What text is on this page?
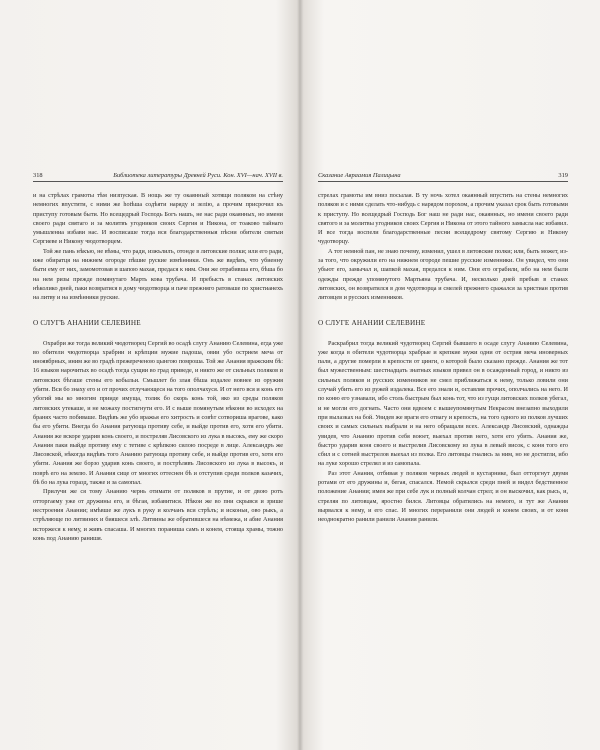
318	Библиотека литературы Древней Руси. Кон. XVI—нач. XVII в.

и на стрѣлах грамоты тѣм низпуская. В нощь же ту окаянный хотящи поляком на стѣну немногих впустити, с ними же hotѣша содѣяти наряду и зелію, а прочим присрочил къ приступу готовым быти. Но всещедрый Господь Богъ нашъ, не нас ради окаянных, но имени своего ради святаго и за молитвъ угодников своих Сергия и Никона, от тоаково тайнаго умышлениа избави нас. И восписаше тогда вся благодарственныя пѣсни обители святыи Сергиеве и Никону чюдотворцем.

Той же пань нѣкъю, не вѣмы, что ради, изжълилъ, отонде в литовские полки; или его ради, иже обиратця на нижнем огороде пѣшие руские измѣнники. Онъ же видѣвъ, что убиенну быти ему от них, замомотовав и шапою махая, предася к ним. Они же отрабивша его, бѣша бо на нем ризы прежде помянутаго Марть кова трубача. И пребысть в станах литовских нѣколико дней, паки возвратися в дому чюдотворца и паче прежняго ратоваше по христианехъ на литву и на измѣнники руские.

О СЛУГѢ АНАНИИ СЕЛЕВИНЕ

Охрабри же тогда великий чюдотворец Сергий во осадѣ слугу Ананию Селевина, егда уже во обители чюдотворца храбрии и крѣпции мужие падоша, овии убо острием меча от иноявбрных, иним же во градѣ прежереченою цынгою помроша. Той же Анания вражским бѣ: 16 языков нарочитых во осадѣ тогда сущии во град приведе, и никто же от сильных поляков и литовских бѣгаше стены его кобыльи. Смьшлет бо злая бѣша издалее вовнее из оружия убити. Вси бо знаху его и от прочих отлучающеся на того ополчахуся. И от него вся и конь его убогий мы ко многим прииде имуща, толик бо скорь конь той, яко из среды поляков литовских утекаше, и не можаху постигнути его. И с выше помянутым нѣкони во исходех на бранях часто побиваше. Видѣвъ же убо вражья его хитрость и совѣт сотвориша врагове, како бы его убити. Внегда бо Анания ратующа противу себе, и выйде против его, хотя его убити. Анания же вскоре ударив конь своего, и постреляв Лисовского из лука в высокъ, ему же скоро Анания паки выйде противу ему с тетиве с крѣпкою силою посреде в лице. Александръ же Лисовской, нѣкогда видѣвъ того Ананию ратующа противу себе, и выйде против его, хотя его убити. Анания же борзо ударив конь своего, и пострѣлявъ Лисовского из лука в высокъ, и поврѣ его на землю. И Анания сице от многих оттеснен бѣ и отступив среди полков казачих, бѣ бо на лука горазд, также и за самопал.

Прилучи же ся тому Ананию чернь отимати от поляков в прутие, и от двою ротъ отторгаему уже от дружины его, и бѣгая, избавитися. Нѣкои же во пни скрывся и зрише нестроения Анании; имѣвше же лукъ в руку и колчанъ вси стрѣлъ; и исконьи, ово рыкъ, а стрѣляюще по литвиних и бияшеся злѣ. Литвины же обратившеся на нѣмежа, и абие Анания исторжеся к нему, и живъ спасаша. И многих пораниша самъ и конем, стояща храмы, тожно конь под Ананию ранишя.

Сказание Авраамия Палицына	319

стрелах грамоты им вниз посылая. В ту ночь хотел окаянный впустить на стены немногих поляков и с ними сделать что-нибудь с нарядом порохом, а прочим указал срок быть готовыми к приступу. Но всещедрый Господь Бог наш не ради нас, окаянных, но имени своего ради святого и за молитвы угодников своих Сергия и Никона от этого тайного замысла нас избавил. И все тогда воспели благодарственные песни всещедрому святому Сергию и Никону чудотворцу.

А тот немной пан, не знаю почему, изменил, ушел в литовские полки; или, быть может, из-за того, что окружили его на нижнем огороде пешие русские изменники. Он увидел, что они убьют его, замычал и, шапкой махая, предался к ним. Они его ограбили, ибо на нем были одежды прежде упомянутого Мартьяна трубача. И, несколько дней пребыв в станах литовских, он возвратился в дом чудотворца и смелей прежнего сражался за христиан против литовцев и русских изменников.

О СЛУГЕ АНАНИИ СЕЛЕВИНЕ

Раскрабрил тогда великий чудотворец Сергий бывшего в осаде слугу Ананию Селевина, уже когда в обители чудотворца храбрые и крепкие мужи одни от острия меча иноверных пали, а другие померли в крепости от цинги, о которой было сказано прежде. Анания же тот был мужественным: шестнадцать знатных языков привел он в осажденный город, и никто из сильных поляков и русских изменников не смел приближаться к нему, только ловили они случай убить его из ружей издалека. Все его знали и, оставляя прочих, ополчались на него. И по коню его узнавали, ибо столь быстрым был конь тот, что из гущи литовских полков убегал, и не могли его догнать. Часто они вдвоем с вышеупомянутым Некрасом внезапно выходили при вылазках на бой. Увидев же враги его отвагу и крепость, на того одного из полков лучших своих и самых сильных выбрали и на него обращали всех. Александр Лисовский, однажды увидев, что Ананию против себя воюет, выехал против него, хотя его убить. Анания же, быстро ударив коня своего и выстрелив Лисовскому из лука в левый висок, с коня того его сбил и с сотней выстрелов выехал из полка. Его литовцы гнались за ним, но не достигли, ибо на луке хорошо стрелял и из самопала.

Раз этот Анания, отбивая у поляков черных людей в кустарнике, был отторгнут двумя ротами от его дружины и, бегая, спасался. Немой скрылся среди пней и видел бедственное положение Анании; имея же при себе лук и полный колчан стрел; и он выскочил, как рысь, и, стреляя по литовцам, яростно бился. Литовцы обратились на немого, и тут же Анания вырвался к нему, и его спас. И многих переранили они людей и конем своих, и от коня неоднократно ранили ранили Анания ранили.
